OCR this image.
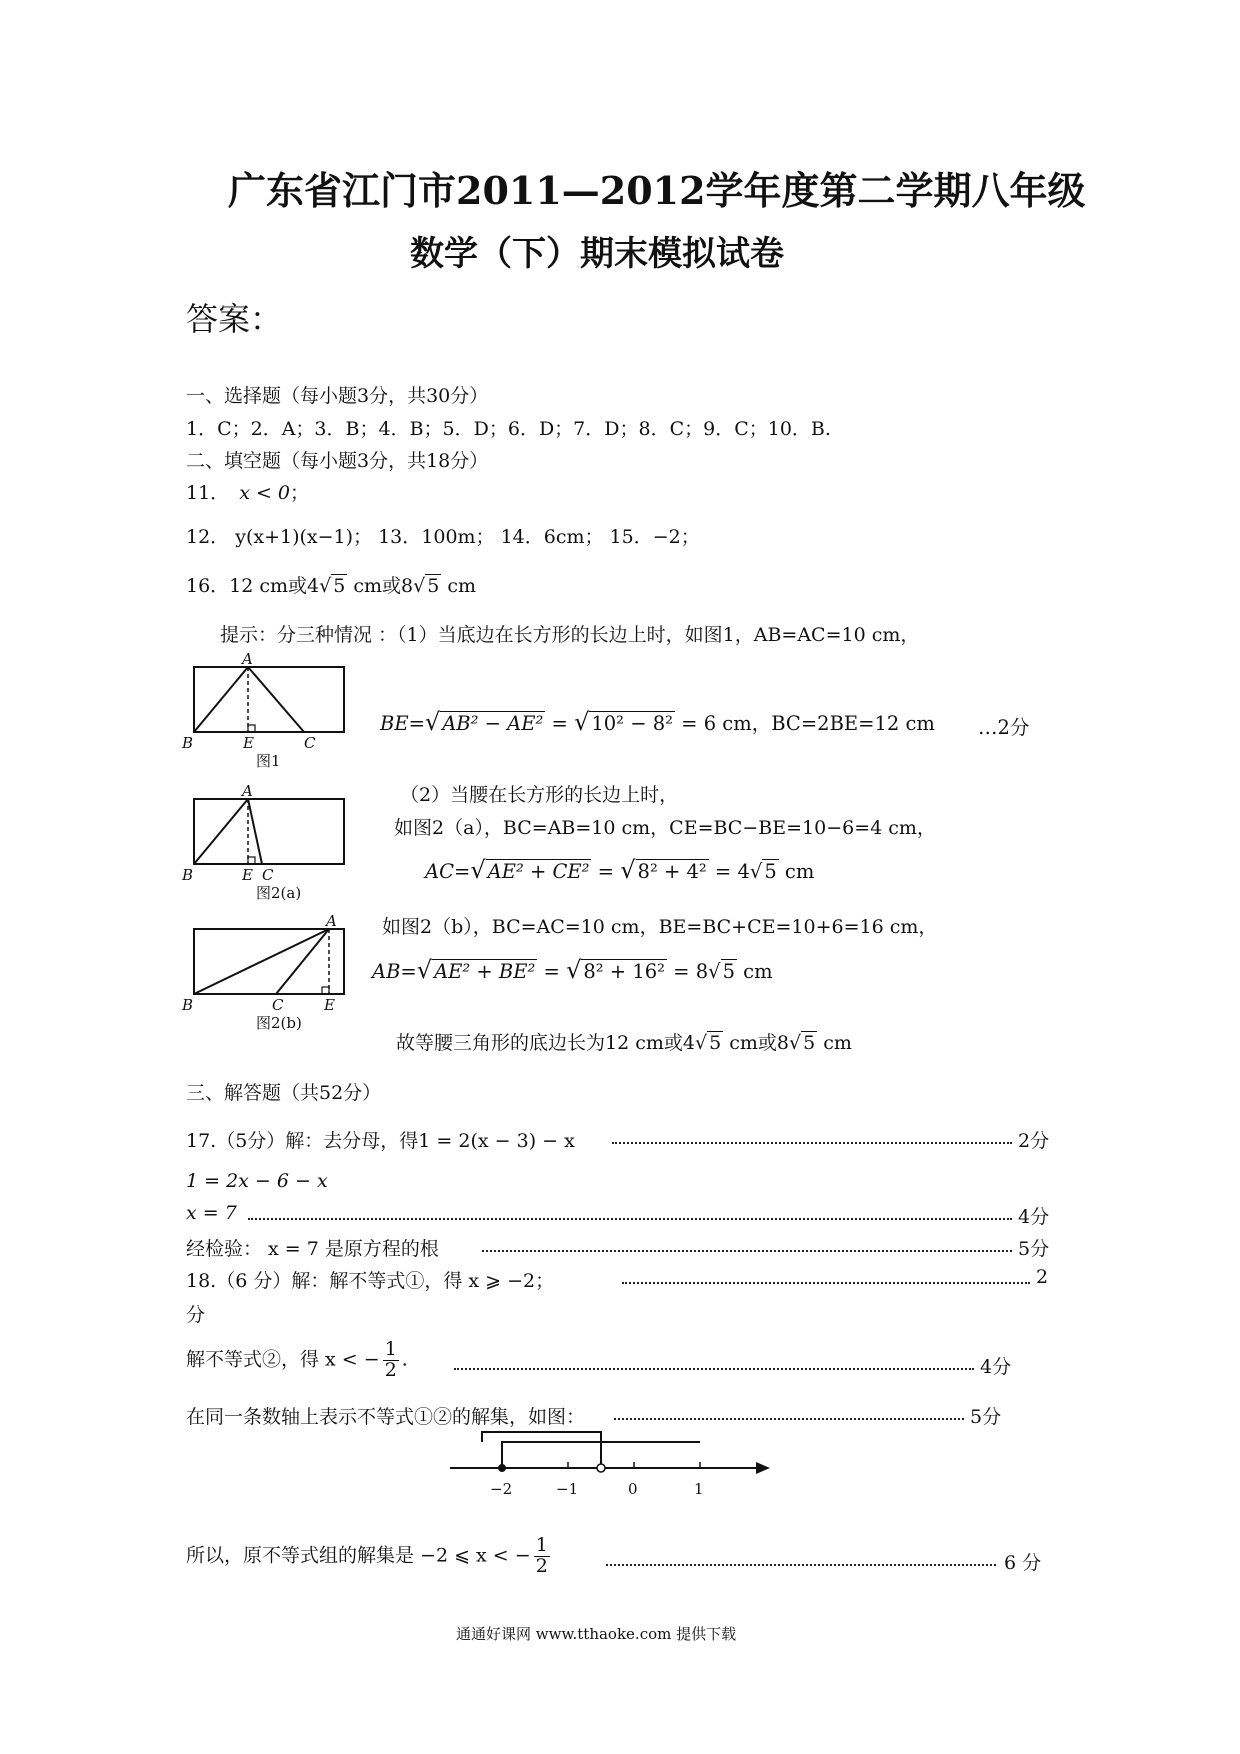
广东省江门市2011—2012学年度第二学期八年级
数学（下）期末模拟试卷
答案：
一、选择题（每小题3分，共30分）
1．C；2．A；3．B；4．B；5．D；6．D；7．D；8．C；9．C；10．B.
二、填空题（每小题3分，共18分）
11． x < 0；
12． y(x+1)(x−1)； 13．100m； 14．6cm； 15．−2；
16．12 cm或4√ 5 cm或8√ 5 cm
提示：分三种情况 ：（1）当底边在长方形的长边上时，如图1，AB=AC=10 cm，
A
B	E	C
图1
BE=√ AB² − AE² = √ 10² − 8² = 6 cm，BC=2BE=12 cm …2分
A
B	E C
图2(a)
（2）当腰在长方形的长边上时，
如图2（a），BC=AB=10 cm，CE=BC−BE=10−6=4 cm，
AC=√ AE² + CE² = √ 8² + 4² = 4√ 5 cm
A
B	C	E
图2(b)
如图2（b），BC=AC=10 cm，BE=BC+CE=10+6=16 cm，
AB=√ AE² + BE² = √ 8² + 16² = 8√ 5 cm
故等腰三角形的底边长为12 cm或4√ 5 cm或8√ 5 cm
三、解答题（共52分）
17.（5分）解：去分母，得1 = 2(x − 3) − x	2分
1 = 2x − 6 − x
x = 7	4分
经检验： x = 7 是原方程的根	5分
18.（6 分）解：解不等式①，得 x ⩾ −2；	2
分
解不等式②，得 x < − $\frac{1}{2}$ .	4分
在同一条数轴上表示不等式①②的解集，如图：	5分
−2	−1	0	1
所以，原不等式组的解集是 −2 ⩽ x < − $\frac{1}{2}$	6 分
通通好课网 www.tthaoke.com 提供下载
